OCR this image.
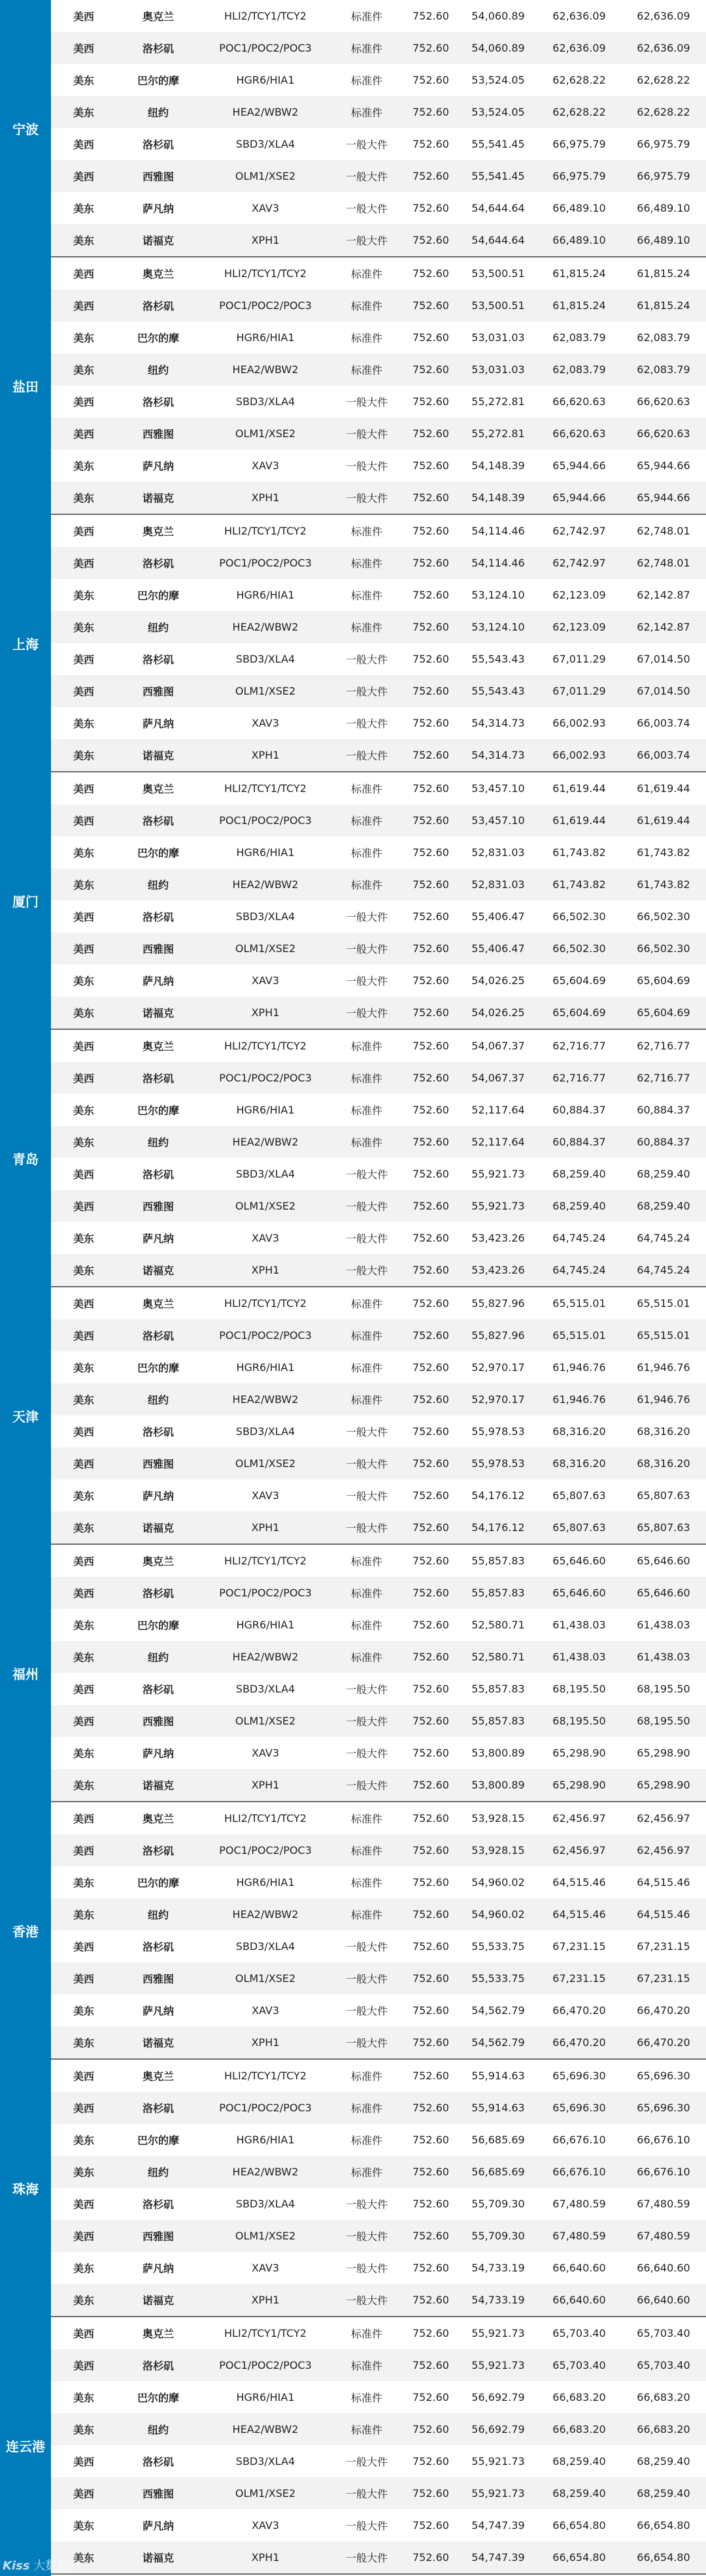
宁波
美西	奥克兰	HLI2/TCY1/TCY2	标准件	752.60	54,060.89	62,636.09	62,636.09
美西	洛杉矶	POC1/POC2/POC3	标准件	752.60	54,060.89	62,636.09	62,636.09
美东	巴尔的摩	HGR6/HIA1	标准件	752.60	53,524.05	62,628.22	62,628.22
美东	纽约	HEA2/WBW2	标准件	752.60	53,524.05	62,628.22	62,628.22
美西	洛杉矶	SBD3/XLA4	一般大件	752.60	55,541.45	66,975.79	66,975.79
美西	西雅图	OLM1/XSE2	一般大件	752.60	55,541.45	66,975.79	66,975.79
美东	萨凡纳	XAV3	一般大件	752.60	54,644.64	66,489.10	66,489.10
美东	诺福克	XPH1	一般大件	752.60	54,644.64	66,489.10	66,489.10
盐田
美西	奥克兰	HLI2/TCY1/TCY2	标准件	752.60	53,500.51	61,815.24	61,815.24
美西	洛杉矶	POC1/POC2/POC3	标准件	752.60	53,500.51	61,815.24	61,815.24
美东	巴尔的摩	HGR6/HIA1	标准件	752.60	53,031.03	62,083.79	62,083.79
美东	纽约	HEA2/WBW2	标准件	752.60	53,031.03	62,083.79	62,083.79
美西	洛杉矶	SBD3/XLA4	一般大件	752.60	55,272.81	66,620.63	66,620.63
美西	西雅图	OLM1/XSE2	一般大件	752.60	55,272.81	66,620.63	66,620.63
美东	萨凡纳	XAV3	一般大件	752.60	54,148.39	65,944.66	65,944.66
美东	诺福克	XPH1	一般大件	752.60	54,148.39	65,944.66	65,944.66
上海
美西	奥克兰	HLI2/TCY1/TCY2	标准件	752.60	54,114.46	62,742.97	62,748.01
美西	洛杉矶	POC1/POC2/POC3	标准件	752.60	54,114.46	62,742.97	62,748.01
美东	巴尔的摩	HGR6/HIA1	标准件	752.60	53,124.10	62,123.09	62,142.87
美东	纽约	HEA2/WBW2	标准件	752.60	53,124.10	62,123.09	62,142.87
美西	洛杉矶	SBD3/XLA4	一般大件	752.60	55,543.43	67,011.29	67,014.50
美西	西雅图	OLM1/XSE2	一般大件	752.60	55,543.43	67,011.29	67,014.50
美东	萨凡纳	XAV3	一般大件	752.60	54,314.73	66,002.93	66,003.74
美东	诺福克	XPH1	一般大件	752.60	54,314.73	66,002.93	66,003.74
厦门
美西	奥克兰	HLI2/TCY1/TCY2	标准件	752.60	53,457.10	61,619.44	61,619.44
美西	洛杉矶	POC1/POC2/POC3	标准件	752.60	53,457.10	61,619.44	61,619.44
美东	巴尔的摩	HGR6/HIA1	标准件	752.60	52,831.03	61,743.82	61,743.82
美东	纽约	HEA2/WBW2	标准件	752.60	52,831.03	61,743.82	61,743.82
美西	洛杉矶	SBD3/XLA4	一般大件	752.60	55,406.47	66,502.30	66,502.30
美西	西雅图	OLM1/XSE2	一般大件	752.60	55,406.47	66,502.30	66,502.30
美东	萨凡纳	XAV3	一般大件	752.60	54,026.25	65,604.69	65,604.69
美东	诺福克	XPH1	一般大件	752.60	54,026.25	65,604.69	65,604.69
青岛
美西	奥克兰	HLI2/TCY1/TCY2	标准件	752.60	54,067.37	62,716.77	62,716.77
美西	洛杉矶	POC1/POC2/POC3	标准件	752.60	54,067.37	62,716.77	62,716.77
美东	巴尔的摩	HGR6/HIA1	标准件	752.60	52,117.64	60,884.37	60,884.37
美东	纽约	HEA2/WBW2	标准件	752.60	52,117.64	60,884.37	60,884.37
美西	洛杉矶	SBD3/XLA4	一般大件	752.60	55,921.73	68,259.40	68,259.40
美西	西雅图	OLM1/XSE2	一般大件	752.60	55,921.73	68,259.40	68,259.40
美东	萨凡纳	XAV3	一般大件	752.60	53,423.26	64,745.24	64,745.24
美东	诺福克	XPH1	一般大件	752.60	53,423.26	64,745.24	64,745.24
天津
美西	奥克兰	HLI2/TCY1/TCY2	标准件	752.60	55,827.96	65,515.01	65,515.01
美西	洛杉矶	POC1/POC2/POC3	标准件	752.60	55,827.96	65,515.01	65,515.01
美东	巴尔的摩	HGR6/HIA1	标准件	752.60	52,970.17	61,946.76	61,946.76
美东	纽约	HEA2/WBW2	标准件	752.60	52,970.17	61,946.76	61,946.76
美西	洛杉矶	SBD3/XLA4	一般大件	752.60	55,978.53	68,316.20	68,316.20
美西	西雅图	OLM1/XSE2	一般大件	752.60	55,978.53	68,316.20	68,316.20
美东	萨凡纳	XAV3	一般大件	752.60	54,176.12	65,807.63	65,807.63
美东	诺福克	XPH1	一般大件	752.60	54,176.12	65,807.63	65,807.63
福州
美西	奥克兰	HLI2/TCY1/TCY2	标准件	752.60	55,857.83	65,646.60	65,646.60
美西	洛杉矶	POC1/POC2/POC3	标准件	752.60	55,857.83	65,646.60	65,646.60
美东	巴尔的摩	HGR6/HIA1	标准件	752.60	52,580.71	61,438.03	61,438.03
美东	纽约	HEA2/WBW2	标准件	752.60	52,580.71	61,438.03	61,438.03
美西	洛杉矶	SBD3/XLA4	一般大件	752.60	55,857.83	68,195.50	68,195.50
美西	西雅图	OLM1/XSE2	一般大件	752.60	55,857.83	68,195.50	68,195.50
美东	萨凡纳	XAV3	一般大件	752.60	53,800.89	65,298.90	65,298.90
美东	诺福克	XPH1	一般大件	752.60	53,800.89	65,298.90	65,298.90
香港
美西	奥克兰	HLI2/TCY1/TCY2	标准件	752.60	53,928.15	62,456.97	62,456.97
美西	洛杉矶	POC1/POC2/POC3	标准件	752.60	53,928.15	62,456.97	62,456.97
美东	巴尔的摩	HGR6/HIA1	标准件	752.60	54,960.02	64,515.46	64,515.46
美东	纽约	HEA2/WBW2	标准件	752.60	54,960.02	64,515.46	64,515.46
美西	洛杉矶	SBD3/XLA4	一般大件	752.60	55,533.75	67,231.15	67,231.15
美西	西雅图	OLM1/XSE2	一般大件	752.60	55,533.75	67,231.15	67,231.15
美东	萨凡纳	XAV3	一般大件	752.60	54,562.79	66,470.20	66,470.20
美东	诺福克	XPH1	一般大件	752.60	54,562.79	66,470.20	66,470.20
珠海
美西	奥克兰	HLI2/TCY1/TCY2	标准件	752.60	55,914.63	65,696.30	65,696.30
美西	洛杉矶	POC1/POC2/POC3	标准件	752.60	55,914.63	65,696.30	65,696.30
美东	巴尔的摩	HGR6/HIA1	标准件	752.60	56,685.69	66,676.10	66,676.10
美东	纽约	HEA2/WBW2	标准件	752.60	56,685.69	66,676.10	66,676.10
美西	洛杉矶	SBD3/XLA4	一般大件	752.60	55,709.30	67,480.59	67,480.59
美西	西雅图	OLM1/XSE2	一般大件	752.60	55,709.30	67,480.59	67,480.59
美东	萨凡纳	XAV3	一般大件	752.60	54,733.19	66,640.60	66,640.60
美东	诺福克	XPH1	一般大件	752.60	54,733.19	66,640.60	66,640.60
连云港
美西	奥克兰	HLI2/TCY1/TCY2	标准件	752.60	55,921.73	65,703.40	65,703.40
美西	洛杉矶	POC1/POC2/POC3	标准件	752.60	55,921.73	65,703.40	65,703.40
美东	巴尔的摩	HGR6/HIA1	标准件	752.60	56,692.79	66,683.20	66,683.20
美东	纽约	HEA2/WBW2	标准件	752.60	56,692.79	66,683.20	66,683.20
美西	洛杉矶	SBD3/XLA4	一般大件	752.60	55,921.73	68,259.40	68,259.40
美西	西雅图	OLM1/XSE2	一般大件	752.60	55,921.73	68,259.40	68,259.40
美东	萨凡纳	XAV3	一般大件	752.60	54,747.39	66,654.80	66,654.80
美东	诺福克	XPH1	一般大件	752.60	54,747.39	66,654.80	66,654.80
Kiss 大数据网
